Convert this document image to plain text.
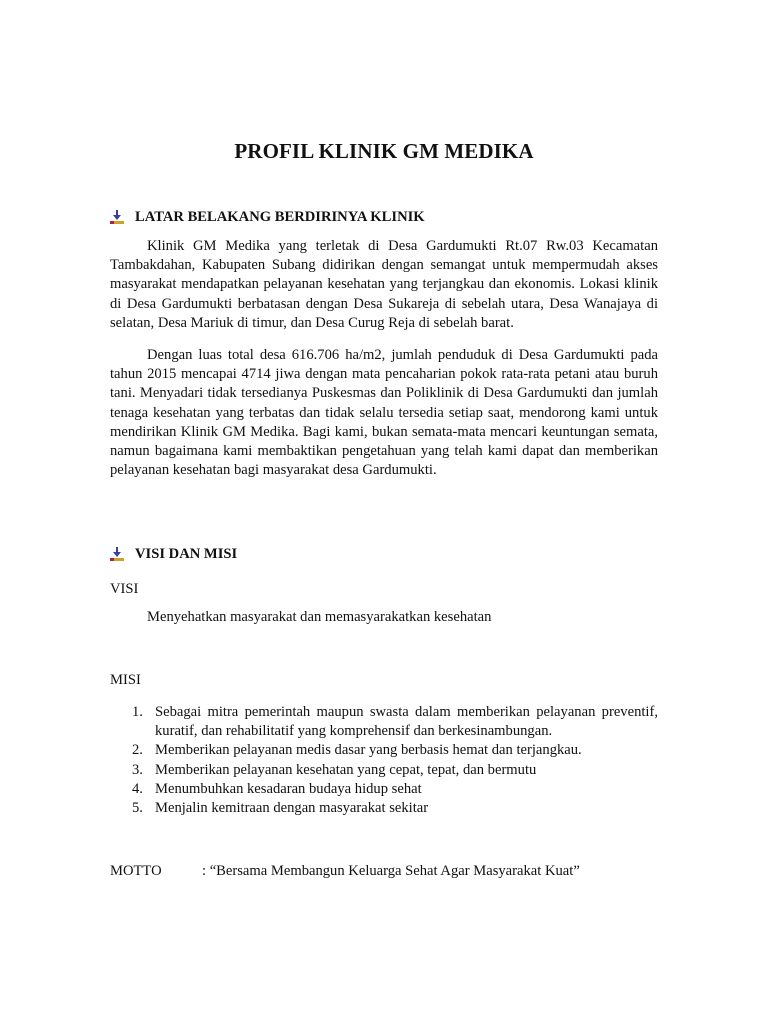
PROFIL KLINIK GM MEDIKA
LATAR BELAKANG BERDIRINYA KLINIK

Klinik GM Medika yang terletak di Desa Gardumukti Rt.07 Rw.03 Kecamatan Tambakdahan, Kabupaten Subang didirikan dengan semangat untuk mempermudah akses masyarakat mendapatkan pelayanan kesehatan yang terjangkau dan ekonomis. Lokasi klinik di Desa Gardumukti berbatasan dengan Desa Sukareja di sebelah utara, Desa Wanajaya di selatan, Desa Mariuk di timur, dan Desa Curug Reja di sebelah barat.

Dengan luas total desa 616.706 ha/m2, jumlah penduduk di Desa Gardumukti pada tahun 2015 mencapai 4714 jiwa dengan mata pencaharian pokok rata-rata petani atau buruh tani. Menyadari tidak tersedianya Puskesmas dan Poliklinik di Desa Gardumukti dan jumlah tenaga kesehatan yang terbatas dan tidak selalu tersedia setiap saat, mendorong kami untuk mendirikan Klinik GM Medika. Bagi kami, bukan semata-mata mencari keuntungan semata, namun bagaimana kami membaktikan pengetahuan yang telah kami dapat dan memberikan pelayanan kesehatan bagi masyarakat desa Gardumukti.

VISI DAN MISI
VISI
Menyehatkan masyarakat dan memasyarakatkan kesehatan
MISI
1. Sebagai mitra pemerintah maupun swasta dalam memberikan pelayanan preventif, kuratif, dan rehabilitatif yang komprehensif dan berkesinambungan.
2. Memberikan pelayanan medis dasar yang berbasis hemat dan terjangkau.
3. Memberikan pelayanan kesehatan yang cepat, tepat, dan bermutu
4. Menumbuhkan kesadaran budaya hidup sehat
5. Menjalin kemitraan dengan masyarakat sekitar
MOTTO	: “Bersama Membangun Keluarga Sehat Agar Masyarakat Kuat”
